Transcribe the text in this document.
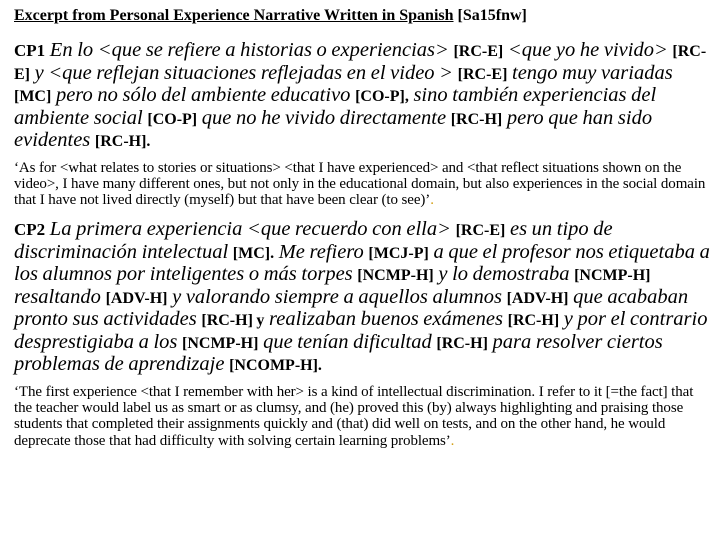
Excerpt from Personal Experience Narrative Written in Spanish [Sa15fnw]

CP1 En lo <que se refiere a historias o experiencias> [RC-E] <que yo he vivido> [RC-E] y <que reflejan situaciones reflejadas en el video > [RC-E] tengo muy variadas [MC] pero no sólo del ambiente educativo [CO-P], sino también experiencias del ambiente social [CO-P] que no he vivido directamente [RC-H] pero que han sido evidentes [RC-H].

‘As for <what relates to stories or situations> <that I have experienced> and <that reflect situations shown on the video>, I have many different ones, but not only in the educational domain, but also experiences in the social domain that I have not lived directly (myself) but that have been clear (to see)’.

CP2 La primera experiencia <que recuerdo con ella> [RC-E] es un tipo de discriminación intelectual [MC]. Me refiero [MCJ-P] a que el profesor nos etiquetaba a los alumnos por inteligentes o más torpes [NCMP-H] y lo demostraba [NCMP-H] resaltando [ADV-H] y valorando siempre a aquellos alumnos [ADV-H] que acababan pronto sus actividades [RC-H] y realizaban buenos exámenes [RC-H] y por el contrario desprestigiaba a los [NCMP-H] que tenían dificultad [RC-H] para resolver ciertos problemas de aprendizaje [NCOMP-H].

‘The first experience <that I remember with her> is a kind of intellectual discrimination. I refer to it [=the fact] that the teacher would label us as smart or as clumsy, and (he) proved this (by) always highlighting and praising those students that completed their assignments quickly and (that) did well on tests, and on the other hand, he would deprecate those that had difficulty with solving certain learning problems’.
